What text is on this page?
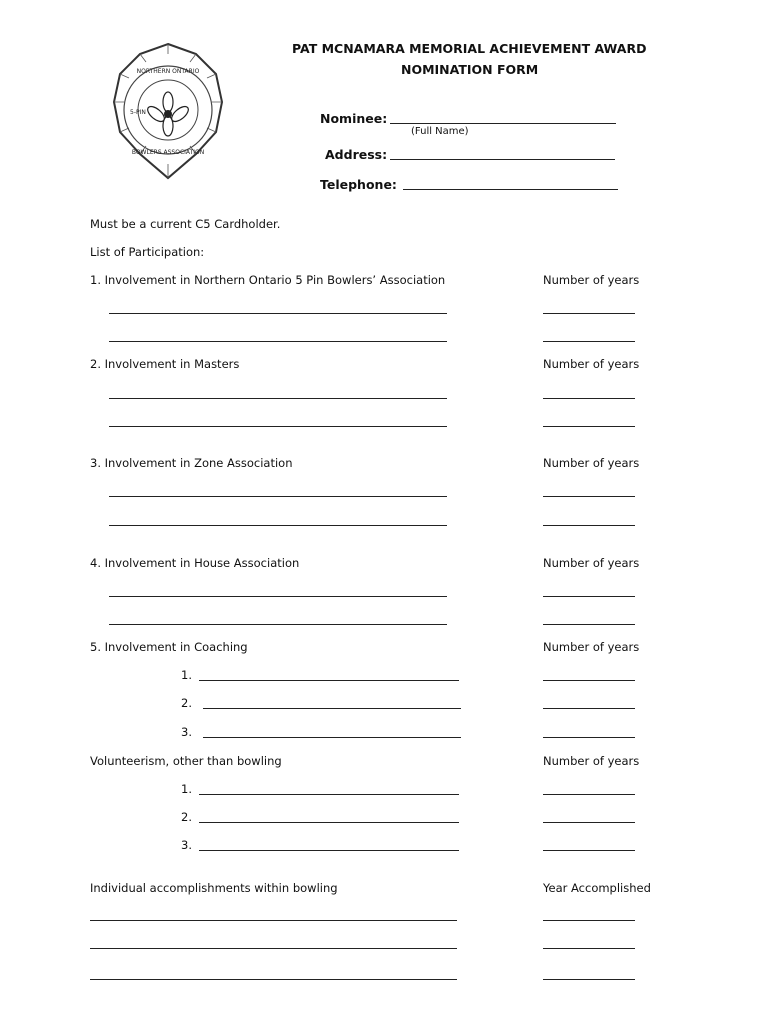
NORTHERN ONTARIO
BOWLERS ASSOCIATION
5-PIN
PAT MCNAMARA MEMORIAL ACHIEVEMENT AWARD
NOMINATION FORM
Nominee:
(Full Name)
Address:
Telephone:
Must be a current C5 Cardholder.
List of Participation:
1. Involvement in Northern Ontario 5 Pin Bowlers’ Association	Number of years
2. Involvement in Masters	Number of years
3. Involvement in Zone Association	Number of years
4. Involvement in House Association	Number of years
5. Involvement in Coaching	Number of years
1.
2.
3.
Volunteerism, other than bowling	Number of years
1.
2.
3.
Individual accomplishments within bowling	Year Accomplished
